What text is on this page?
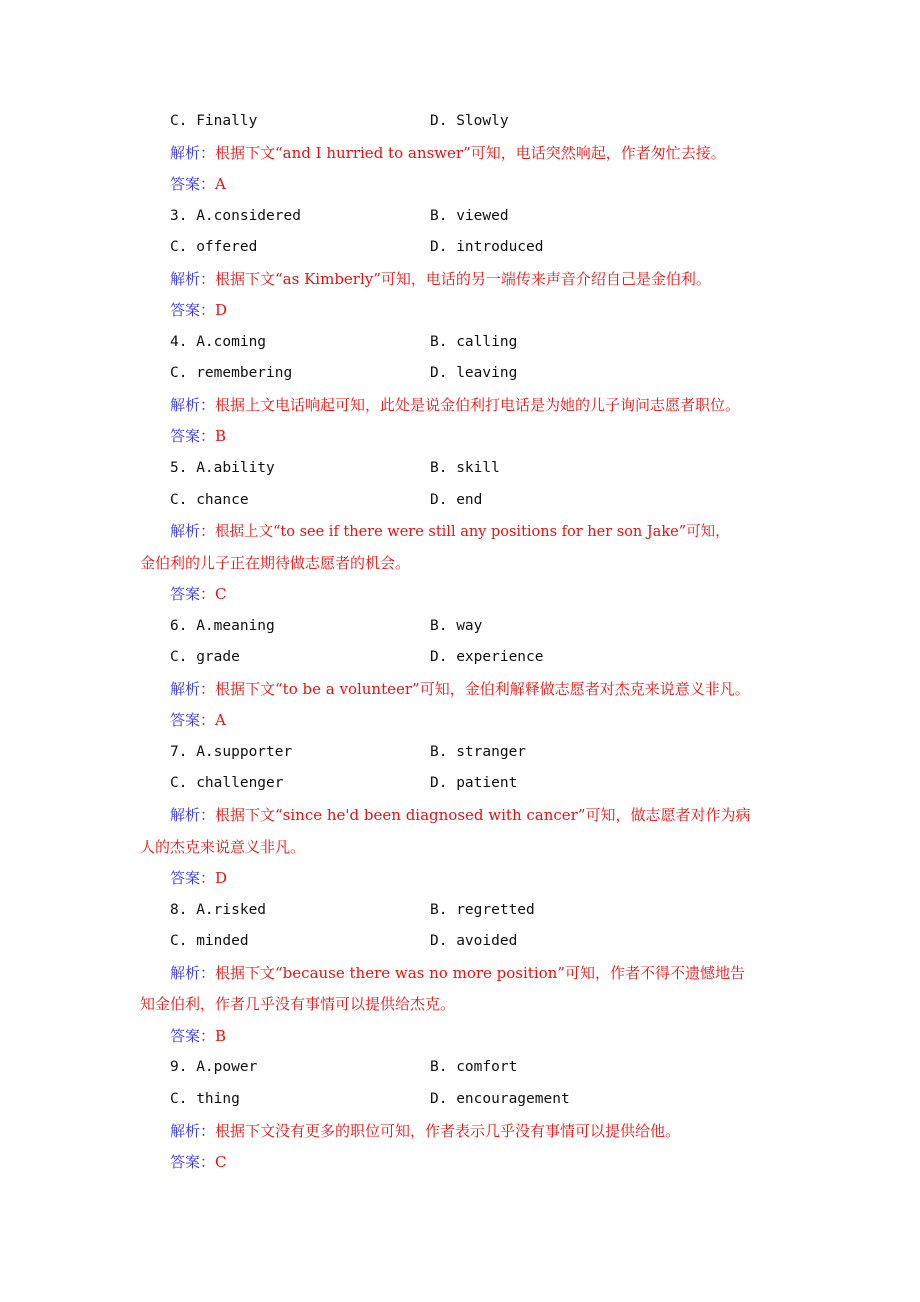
C. Finally	D. Slowly
解析：根据下文“and I hurried to answer”可知，电话突然响起，作者匆忙去接。
答案：A
3. A.considered	B. viewed
C. offered	D. introduced
解析：根据下文“as Kimberly”可知，电话的另一端传来声音介绍自己是金伯利。
答案：D
4. A.coming	B. calling
C. remembering	D. leaving
解析：根据上文电话响起可知，此处是说金伯利打电话是为她的儿子询问志愿者职位。
答案：B
5. A.ability	B. skill
C. chance	D. end
解析：根据上文“to see if there were still any positions for her son Jake”可知，
金伯利的儿子正在期待做志愿者的机会。
答案：C
6. A.meaning	B. way
C. grade	D. experience
解析：根据下文“to be a volunteer”可知，金伯利解释做志愿者对杰克来说意义非凡。
答案：A
7. A.supporter	B. stranger
C. challenger	D. patient
解析：根据下文“since he'd been diagnosed with cancer”可知，做志愿者对作为病
人的杰克来说意义非凡。
答案：D
8. A.risked	B. regretted
C. minded	D. avoided
解析：根据下文“because there was no more position”可知，作者不得不遗憾地告
知金伯利，作者几乎没有事情可以提供给杰克。
答案：B
9. A.power	B. comfort
C. thing	D. encouragement
解析：根据下文没有更多的职位可知，作者表示几乎没有事情可以提供给他。
答案：C
